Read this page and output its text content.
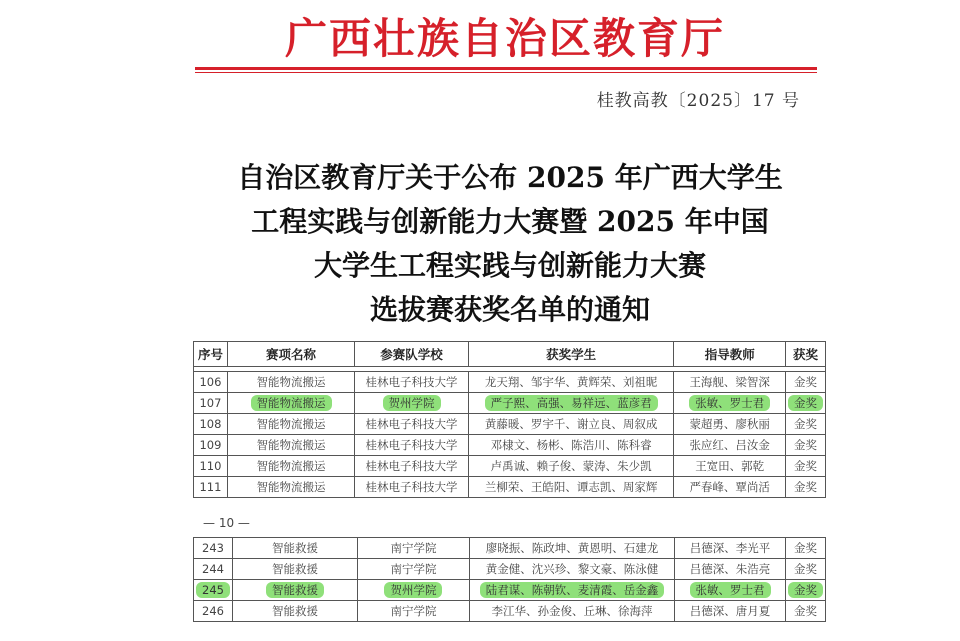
广西壮族自治区教育厅
桂教高教〔2025〕17 号
自治区教育厅关于公布 2025 年广西大学生
工程实践与创新能力大赛暨 2025 年中国
大学生工程实践与创新能力大赛
选拔赛获奖名单的通知
序号	赛项名称	参赛队学校	获奖学生	指导教师	获奖

106	智能物流搬运	桂林电子科技大学	龙天翔、邹宇华、黄辉荣、刘祖昵	王海舰、梁智深	金奖
107	智能物流搬运	贺州学院	严子熙、高强、易祥远、蓝彦君	张敏、罗士君	金奖
108	智能物流搬运	桂林电子科技大学	黄藤暖、罗宇千、谢立良、周叙成	蒙超勇、廖秋丽	金奖
109	智能物流搬运	桂林电子科技大学	邓棣文、杨彬、陈浩川、陈科睿	张应红、吕汝金	金奖
110	智能物流搬运	桂林电子科技大学	卢禹诚、赖子俊、蒙涛、朱少凯	王宽田、郭乾	金奖
111	智能物流搬运	桂林电子科技大学	兰柳荣、王皓阳、谭志凯、周家辉	严春峰、覃尚活	金奖
— 10 —
243	智能救援	南宁学院	廖晓振、陈政坤、黄恩明、石建龙	吕德深、李光平	金奖
244	智能救援	南宁学院	黄金健、沈兴珍、黎文豪、陈泳健	吕德深、朱浩亮	金奖
245	智能救援	贺州学院	陆君谋、陈朝钦、麦清霞、岳金鑫	张敏、罗士君	金奖
246	智能救援	南宁学院	李江华、孙金俊、丘琳、徐海萍	吕德深、唐月夏	金奖
